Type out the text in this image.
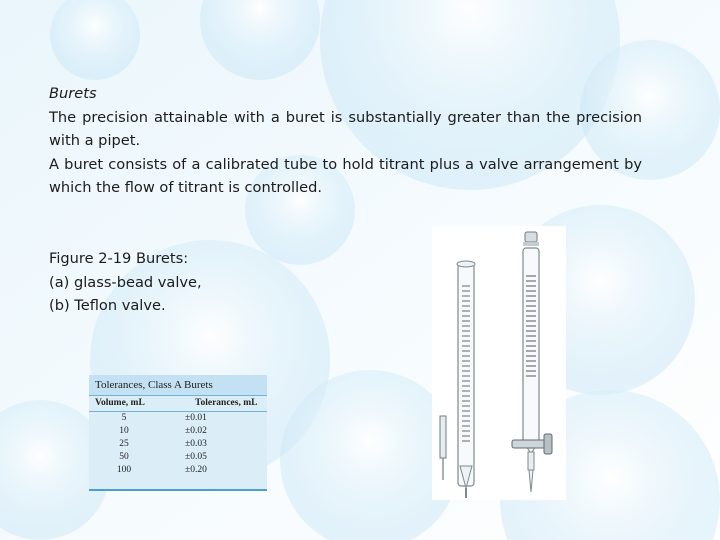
Burets

The precision attainable with a buret is substantially greater than the precision with a pipet.

A buret consists of a calibrated tube to hold titrant plus a valve arrangement by which the flow of titrant is controlled.

Figure 2-19 Burets:
(a) glass-bead valve,
(b) Teflon valve.
Tolerances, Class A Burets
Volume, mL	Tolerances, mL
5	±0.01
10	±0.02
25	±0.03
50	±0.05
100	±0.20
